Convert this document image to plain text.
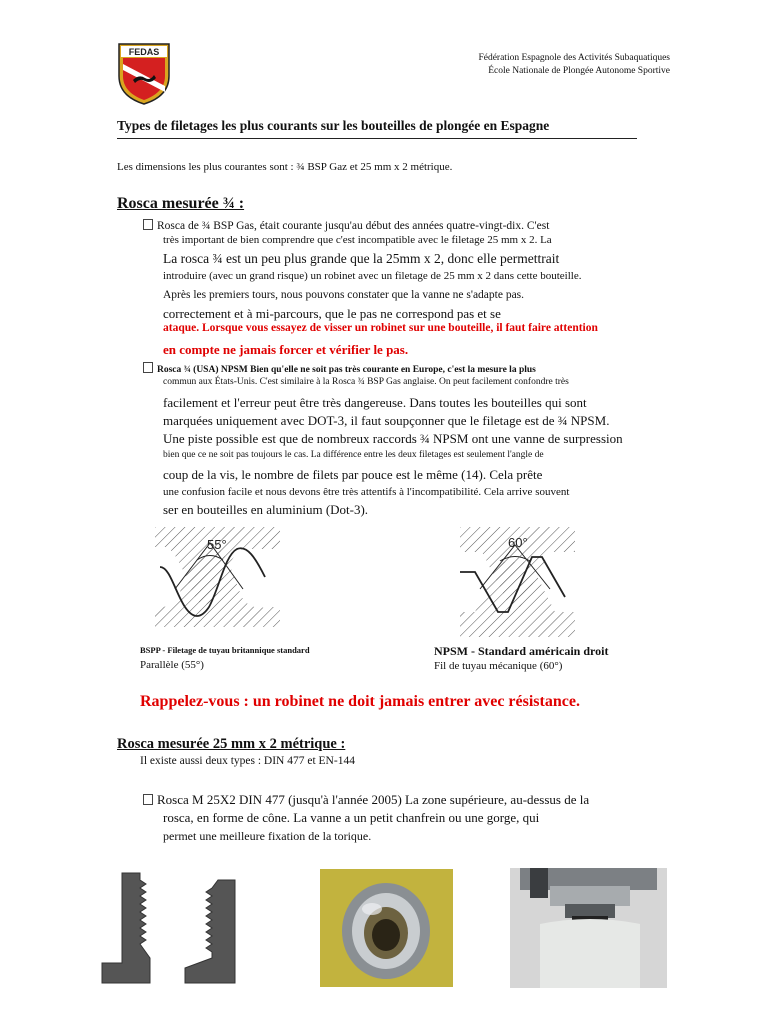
FEDAS
Fédération Espagnole des Activités Subaquatiques
École Nationale de Plongée Autonome Sportive
Types de filetages les plus courants sur les bouteilles de plongée en Espagne
Les dimensions les plus courantes sont : ¾ BSP Gaz et 25 mm x 2 métrique.
Rosca mesurée ¾ :
Rosca de ¾ BSP Gas, était courante jusqu'au début des années quatre-vingt-dix. C'est
très important de bien comprendre que c'est incompatible avec le filetage 25 mm x 2. La
La rosca ¾ est un peu plus grande que la 25mm x 2, donc elle permettrait
introduire (avec un grand risque) un robinet avec un filetage de 25 mm x 2 dans cette bouteille.
Après les premiers tours, nous pouvons constater que la vanne ne s'adapte pas.
correctement et à mi-parcours, que le pas ne correspond pas et se
ataque. Lorsque vous essayez de visser un robinet sur une bouteille, il faut faire attention
en compte ne jamais forcer et vérifier le pas.
Rosca ¾ (USA) NPSM Bien qu'elle ne soit pas très courante en Europe, c'est la mesure la plus
commun aux États-Unis. C'est similaire à la Rosca ¾ BSP Gas anglaise. On peut facilement confondre très
facilement et l'erreur peut être très dangereuse. Dans toutes les bouteilles qui sont
marquées uniquement avec DOT-3, il faut soupçonner que le filetage est de ¾ NPSM.
Une piste possible est que de nombreux raccords ¾ NPSM ont une vanne de surpression
bien que ce ne soit pas toujours le cas. La différence entre les deux filetages est seulement l'angle de
coup de la vis, le nombre de filets par pouce est le même (14). Cela prête
une confusion facile et nous devons être très attentifs à l'incompatibilité. Cela arrive souvent
ser en bouteilles en aluminium (Dot-3).
55°	60°
BSPP - Filetage de tuyau britannique standard
Parallèle (55°)
NPSM - Standard américain droit
Fil de tuyau mécanique (60°)
Rappelez-vous : un robinet ne doit jamais entrer avec résistance.
Rosca mesurée 25 mm x 2 métrique :
Il existe aussi deux types : DIN 477 et EN-144
Rosca M 25X2 DIN 477 (jusqu'à l'année 2005) La zone supérieure, au-dessus de la
rosca, en forme de cône. La vanne a un petit chanfrein ou une gorge, qui
permet une meilleure fixation de la torique.
